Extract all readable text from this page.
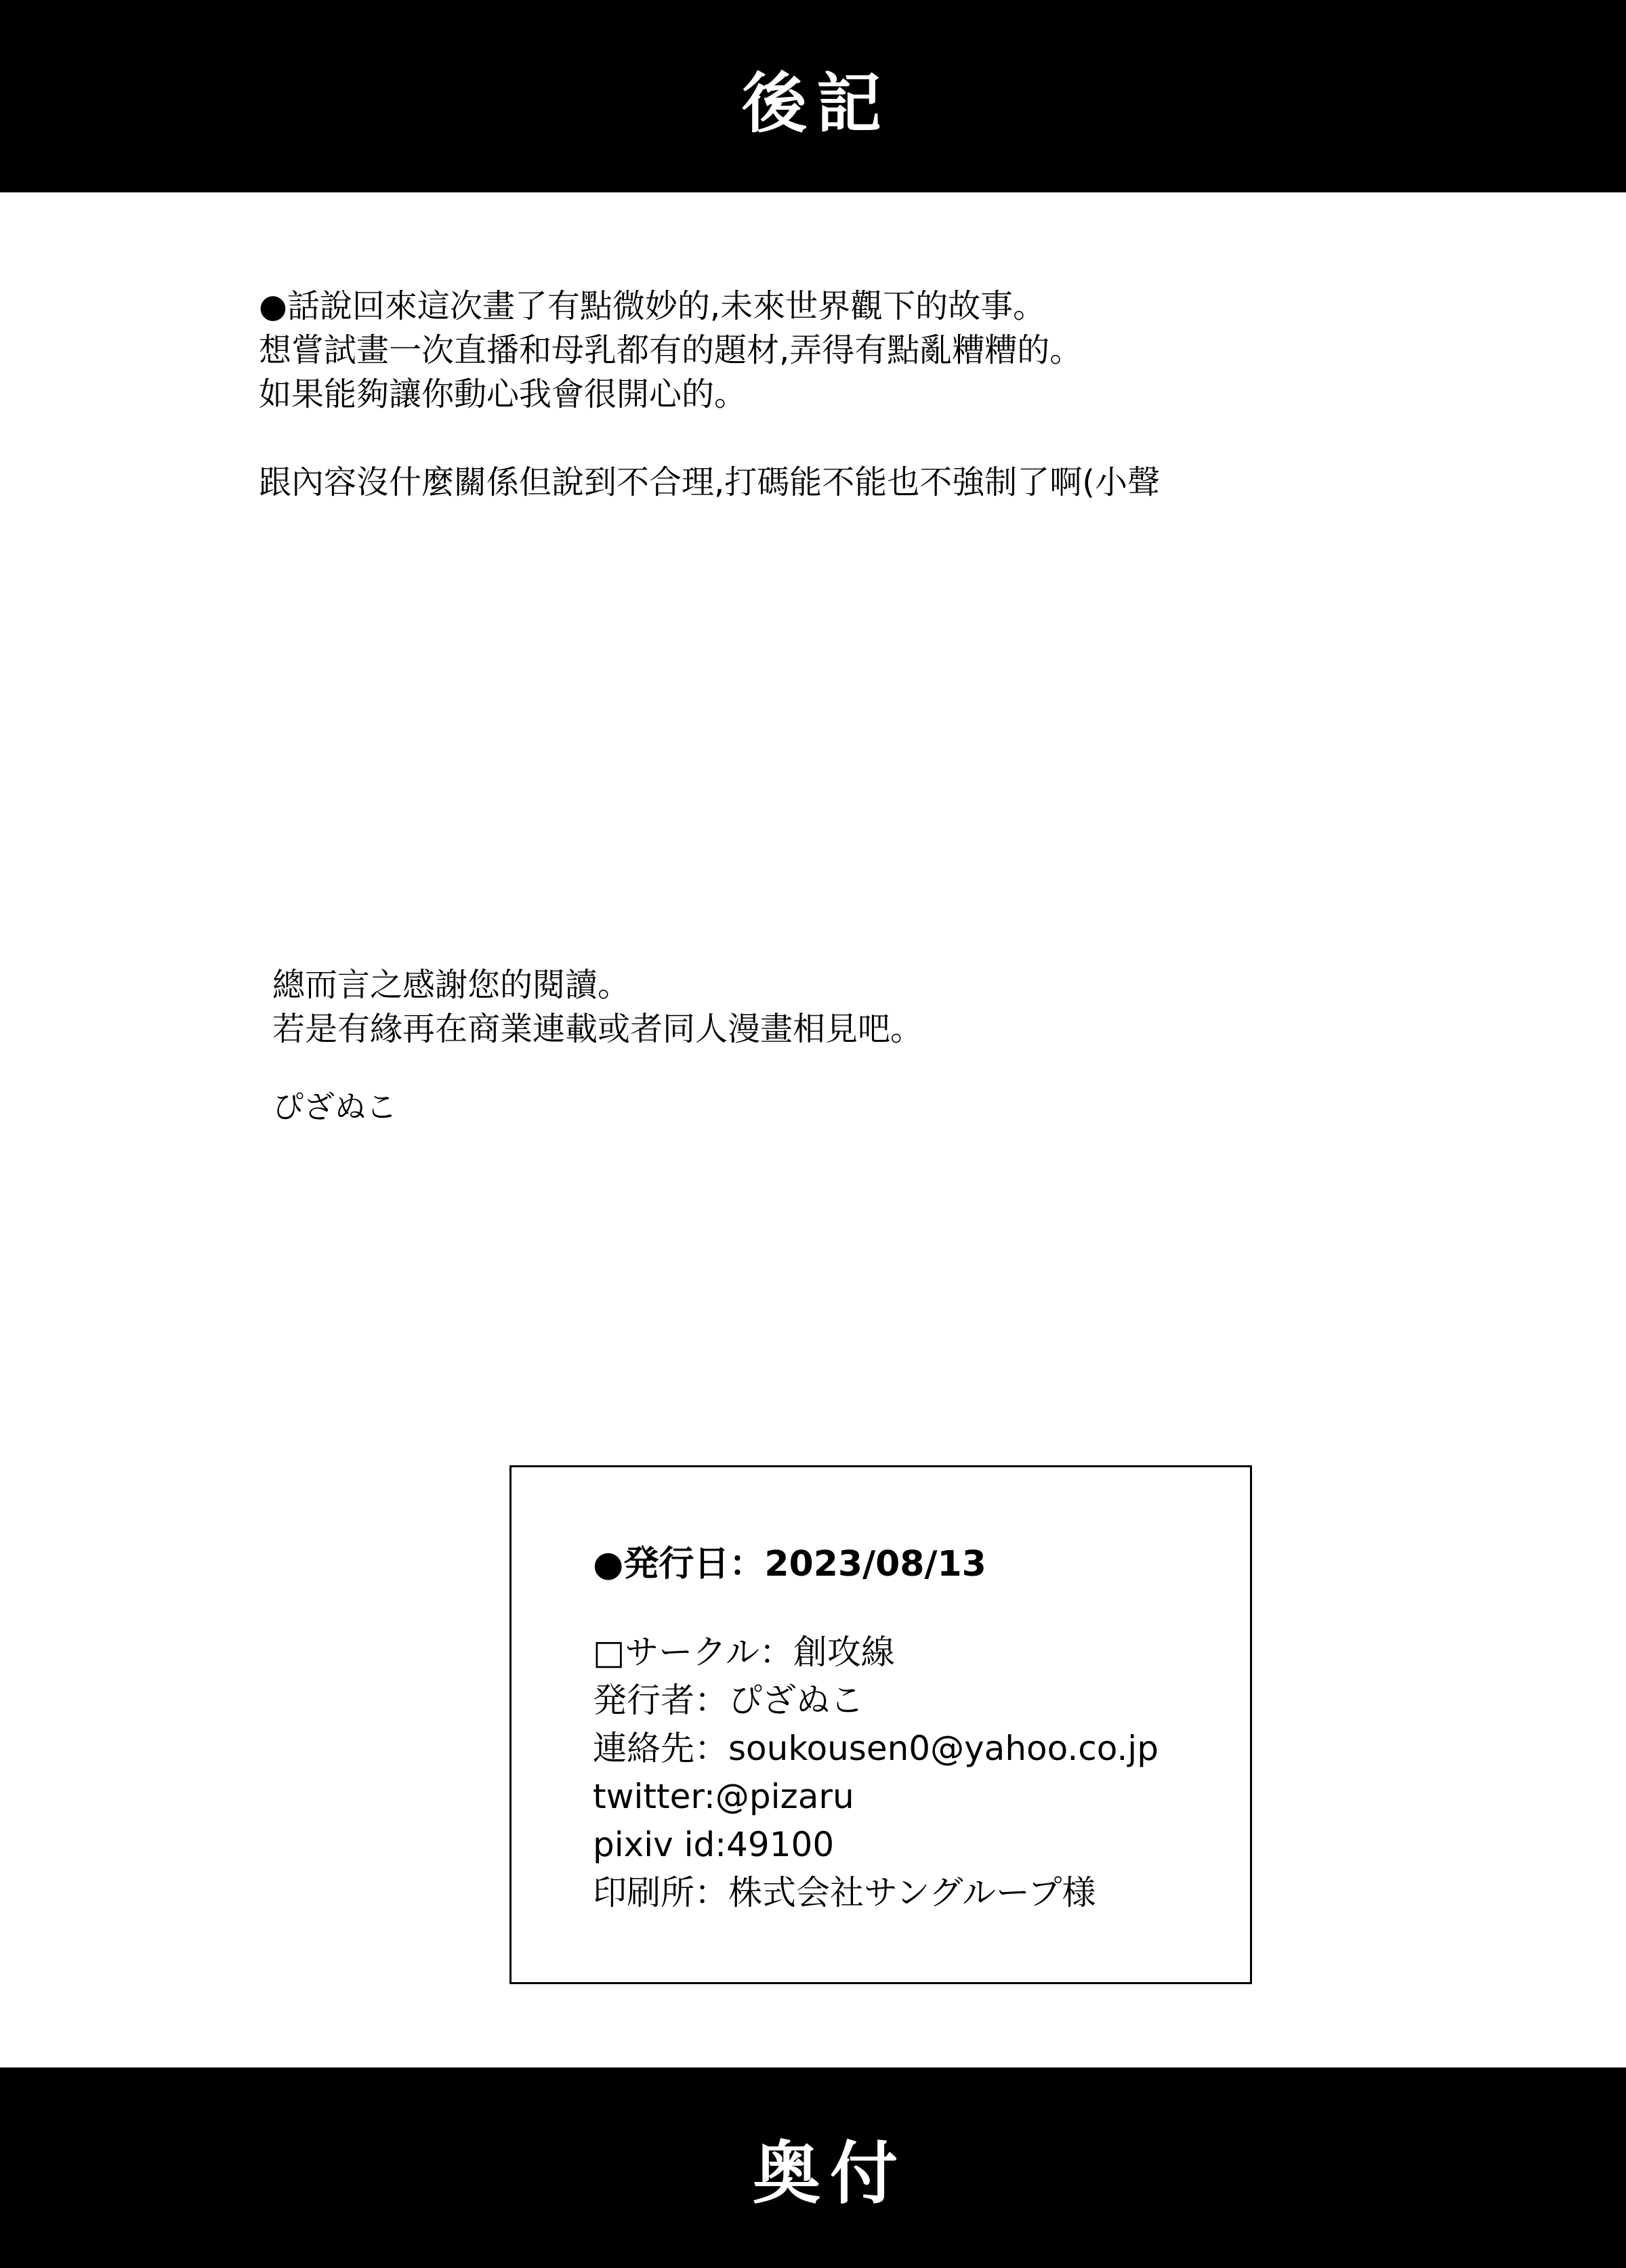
後記
●話說回來這次畫了有點微妙的,未來世界觀下的故事。
想嘗試畫一次直播和母乳都有的題材,弄得有點亂糟糟的。
如果能夠讓你動心我會很開心的。
跟內容沒什麼關係但說到不合理,打碼能不能也不強制了啊(小聲
總而言之感謝您的閱讀。
若是有緣再在商業連載或者同人漫畫相見吧。
ぴざぬこ
●発行日：2023/08/13
□サークル：創攻線
発行者：ぴざぬこ
連絡先：soukousen0@yahoo.co.jp
twitter:@pizaru
pixiv id:49100
印刷所：株式会社サングループ様
奥付
